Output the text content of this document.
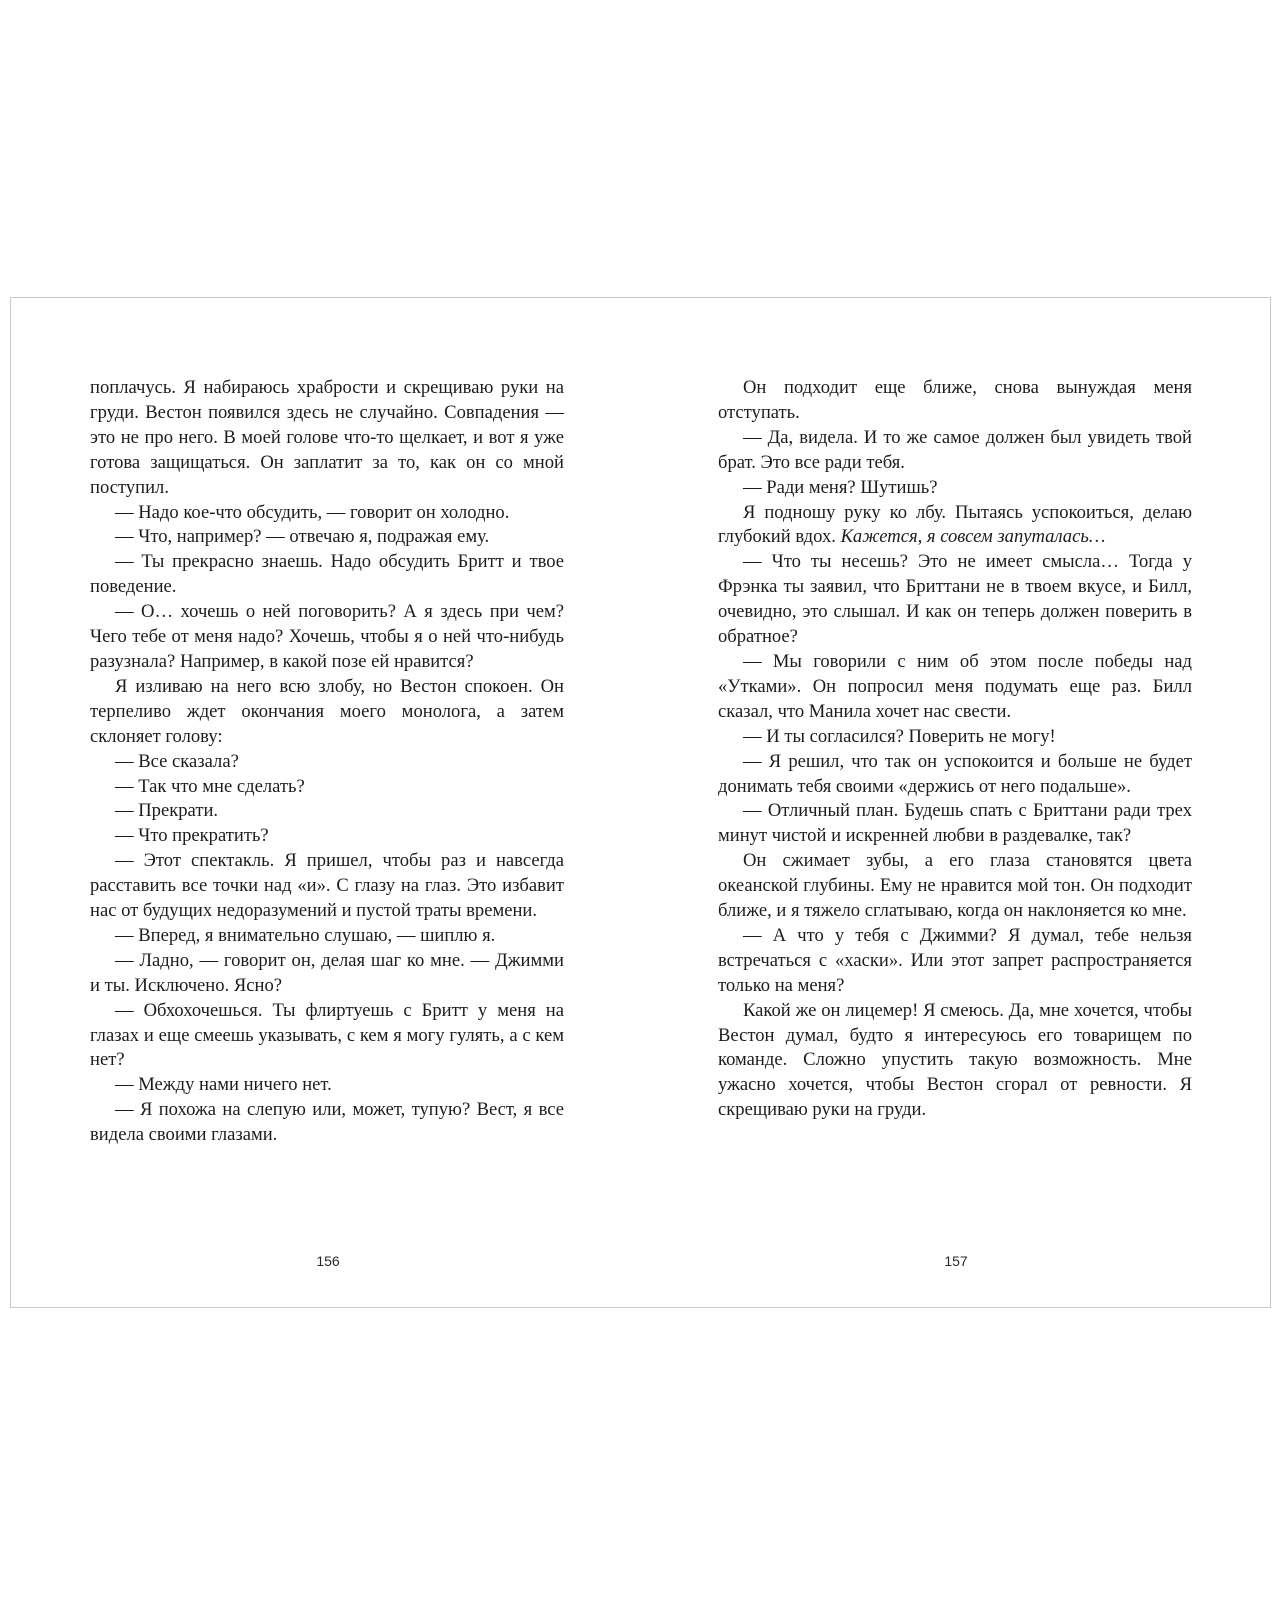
поплачусь. Я набираюсь храбрости и скрещиваю руки на груди. Вестон появился здесь не случайно. Совпадения — это не про него. В моей голове что-то щелкает, и вот я уже готова защищаться. Он заплатит за то, как он со мной поступил.

— Надо кое-что обсудить, — говорит он холодно.

— Что, например? — отвечаю я, подражая ему.

— Ты прекрасно знаешь. Надо обсудить Бритт и твое поведение.

— О… хочешь о ней поговорить? А я здесь при чем? Чего тебе от меня надо? Хочешь, чтобы я о ней что-нибудь разузнала? Например, в какой позе ей нравится?

Я изливаю на него всю злобу, но Вестон спокоен. Он терпеливо ждет окончания моего монолога, а затем склоняет голову:

— Все сказала?

— Так что мне сделать?

— Прекрати.

— Что прекратить?

— Этот спектакль. Я пришел, чтобы раз и навсегда расставить все точки над «и». С глазу на глаз. Это избавит нас от будущих недоразумений и пустой траты времени.

— Вперед, я внимательно слушаю, — шиплю я.

— Ладно, — говорит он, делая шаг ко мне. — Джимми и ты. Исключено. Ясно?

— Обхохочешься. Ты флиртуешь с Бритт у меня на глазах и еще смеешь указывать, с кем я могу гулять, а с кем нет?

— Между нами ничего нет.

— Я похожа на слепую или, может, тупую? Вест, я все видела своими глазами.

Он подходит еще ближе, снова вынуждая меня отступать.

— Да, видела. И то же самое должен был увидеть твой брат. Это все ради тебя.

— Ради меня? Шутишь?

Я подношу руку ко лбу. Пытаясь успокоиться, делаю глубокий вдох. Кажется, я совсем запуталась…

— Что ты несешь? Это не имеет смысла… Тогда у Фрэнка ты заявил, что Бриттани не в твоем вкусе, и Билл, очевидно, это слышал. И как он теперь должен поверить в обратное?

— Мы говорили с ним об этом после победы над «Утками». Он попросил меня подумать еще раз. Билл сказал, что Манила хочет нас свести.

— И ты согласился? Поверить не могу!

— Я решил, что так он успокоится и больше не будет донимать тебя своими «держись от него подальше».

— Отличный план. Будешь спать с Бриттани ради трех минут чистой и искренней любви в раздевалке, так?

Он сжимает зубы, а его глаза становятся цвета океанской глубины. Ему не нравится мой тон. Он подходит ближе, и я тяжело сглатываю, когда он наклоняется ко мне.

— А что у тебя с Джимми? Я думал, тебе нельзя встречаться с «хаски». Или этот запрет распространяется только на меня?

Какой же он лицемер! Я смеюсь. Да, мне хочется, чтобы Вестон думал, будто я интересуюсь его товарищем по команде. Сложно упустить такую возможность. Мне ужасно хочется, чтобы Вестон сгорал от ревности. Я скрещиваю руки на груди.

156	157
